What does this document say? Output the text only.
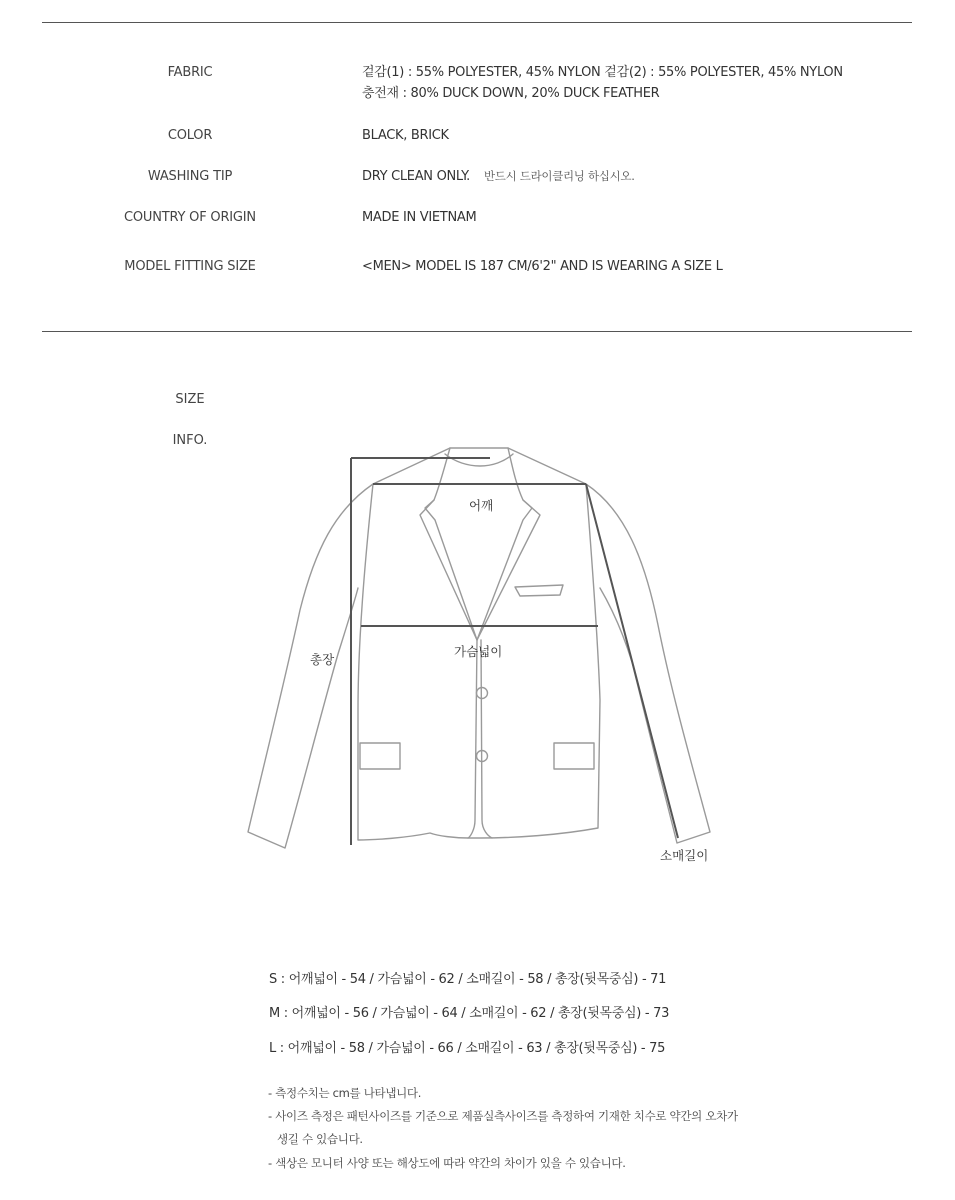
FABRIC	겉감(1) : 55% POLYESTER, 45% NYLON 겉감(2) : 55% POLYESTER, 45% NYLON
충전재 : 80% DUCK DOWN, 20% DUCK FEATHER
COLOR	BLACK, BRICK
WASHING TIP	DRY CLEAN ONLY. 반드시 드라이클리닝 하십시오.
COUNTRY OF ORIGIN	MADE IN VIETNAM
MODEL FITTING SIZE	<MEN> MODEL IS 187 CM/6'2" AND IS WEARING A SIZE L
SIZE
INFO.
어깨
가슴넓이
총장
소매길이
S : 어깨넓이 - 54 / 가슴넓이 - 62 / 소매길이 - 58 / 총장(뒷목중심) - 71
M : 어깨넓이 - 56 / 가슴넓이 - 64 / 소매길이 - 62 / 총장(뒷목중심) - 73
L : 어깨넓이 - 58 / 가슴넓이 - 66 / 소매길이 - 63 / 총장(뒷목중심) - 75
- 측정수치는 cm를 나타냅니다.
- 사이즈 측정은 패턴사이즈를 기준으로 제품실측사이즈를 측정하여 기재한 치수로 약간의 오차가
생길 수 있습니다.
- 색상은 모니터 사양 또는 해상도에 따라 약간의 차이가 있을 수 있습니다.
